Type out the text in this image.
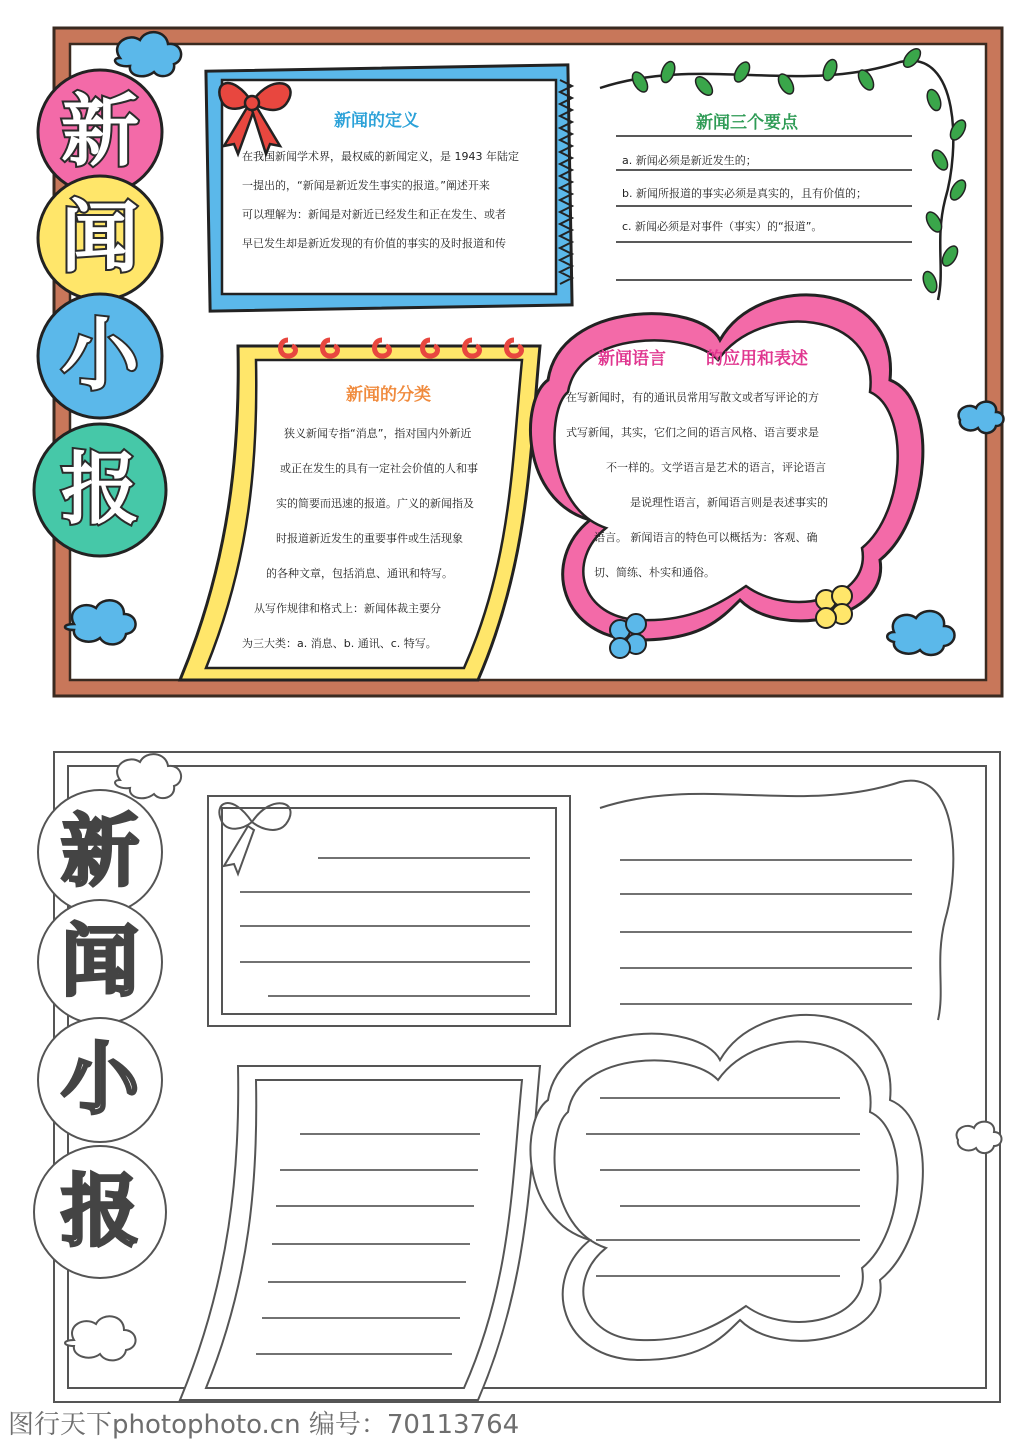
新
闻
小
报
新
闻
小
报
新闻的定义

在我国新闻学术界，最权威的新闻定义，是 1943 年陆定

一提出的，“新闻是新近发生事实的报道。”阐述开来

可以理解为：新闻是对新近已经发生和正在发生、或者

早已发生却是新近发现的有价值的事实的及时报道和传

新闻三个要点

a. 新闻必须是新近发生的；

b. 新闻所报道的事实必须是真实的，且有价值的；

c. 新闻必须是对事件（事实）的“报道”。

新闻的分类

狭义新闻专指“消息”，指对国内外新近

或正在发生的具有一定社会价值的人和事

实的简要而迅速的报道。广义的新闻指及

时报道新近发生的重要事件或生活现象

的各种文章，包括消息、通讯和特写。

从写作规律和格式上：新闻体裁主要分

为三大类：a. 消息、b. 通讯、c. 特写。

新闻语言 的应用和表述

在写新闻时，有的通讯员常用写散文或者写评论的方

式写新闻，其实，它们之间的语言风格、语言要求是

不一样的。文学语言是艺术的语言，评论语言

是说理性语言，新闻语言则是表述事实的

语言。 新闻语言的特色可以概括为：客观、确

切、简练、朴实和通俗。

图行天下photophoto.cn 编号：70113764
